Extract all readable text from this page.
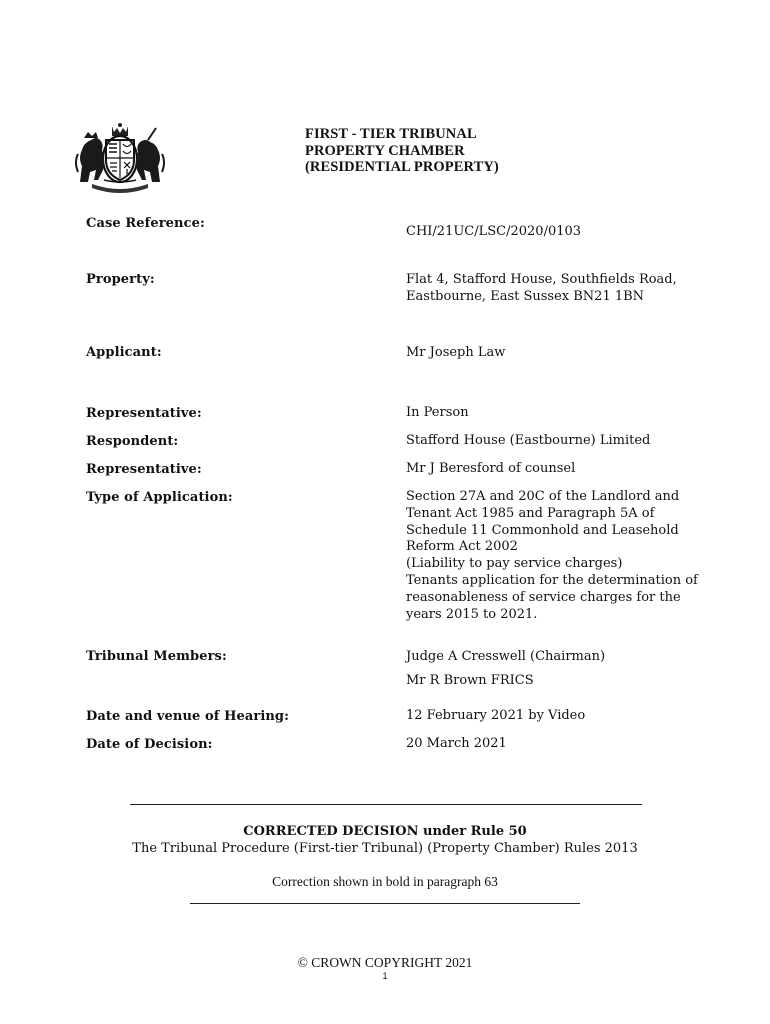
FIRST - TIER TRIBUNAL
PROPERTY CHAMBER
(RESIDENTIAL PROPERTY)
Case Reference:
CHI/21UC/LSC/2020/0103
Property:	Flat 4, Stafford House, Southfields Road,
Eastbourne, East Sussex BN21 1BN
Applicant:	Mr Joseph Law
Representative:	In Person
Respondent:	Stafford House (Eastbourne) Limited
Representative:	Mr J Beresford of counsel
Type of Application:	Section 27A and 20C of the Landlord and
Tenant Act 1985 and Paragraph 5A of
Schedule 11 Commonhold and Leasehold
Reform Act 2002
(Liability to pay service charges)
Tenants application for the determination of
reasonableness of service charges for the
years 2015 to 2021.
Tribunal Members:	Judge A Cresswell (Chairman)
Mr R Brown FRICS
Date and venue of Hearing:	12 February 2021 by Video
Date of Decision:	20 March 2021
CORRECTED DECISION under Rule 50
The Tribunal Procedure (First-tier Tribunal) (Property Chamber) Rules 2013
Correction shown in bold in paragraph 63
© CROWN COPYRIGHT 2021
1
